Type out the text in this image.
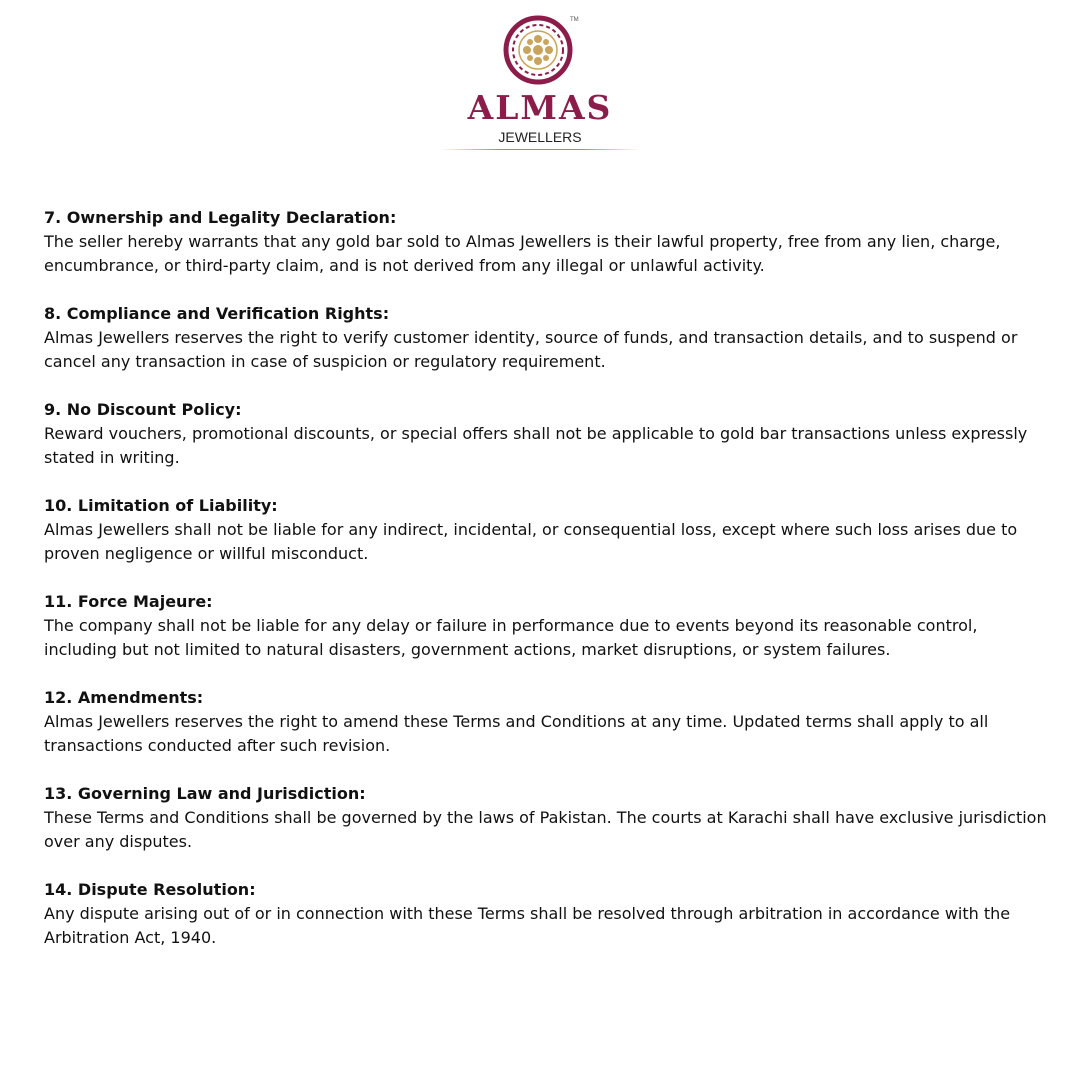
TM
ALMAS
JEWELLERS

7. Ownership and Legality Declaration:

The seller hereby warrants that any gold bar sold to Almas Jewellers is their lawful property, free from any lien, charge, encumbrance, or third-party claim, and is not derived from any illegal or unlawful activity.

8. Compliance and Verification Rights:

Almas Jewellers reserves the right to verify customer identity, source of funds, and transaction details, and to suspend or cancel any transaction in case of suspicion or regulatory requirement.

9. No Discount Policy:

Reward vouchers, promotional discounts, or special offers shall not be applicable to gold bar transactions unless expressly stated in writing.

10. Limitation of Liability:

Almas Jewellers shall not be liable for any indirect, incidental, or consequential loss, except where such loss arises due to proven negligence or willful misconduct.

11. Force Majeure:

The company shall not be liable for any delay or failure in performance due to events beyond its reasonable control, including but not limited to natural disasters, government actions, market disruptions, or system failures.

12. Amendments:

Almas Jewellers reserves the right to amend these Terms and Conditions at any time. Updated terms shall apply to all transactions conducted after such revision.

13. Governing Law and Jurisdiction:

These Terms and Conditions shall be governed by the laws of Pakistan. The courts at Karachi shall have exclusive jurisdiction over any disputes.

14. Dispute Resolution:

Any dispute arising out of or in connection with these Terms shall be resolved through arbitration in accordance with the Arbitration Act, 1940.
